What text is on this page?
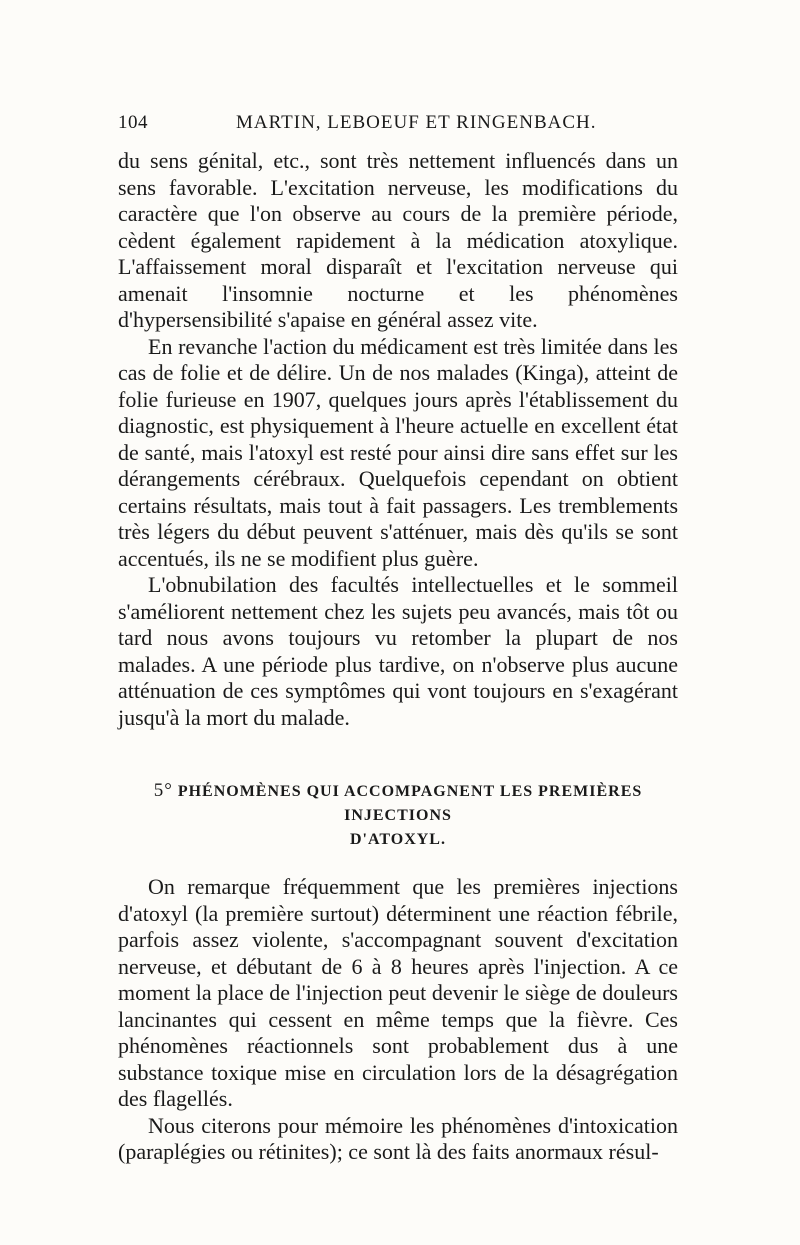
104	MARTIN, LEBOEUF ET RINGENBACH.

du sens génital, etc., sont très nettement influencés dans un sens favorable. L'excitation nerveuse, les modifications du caractère que l'on observe au cours de la première période, cèdent également rapidement à la médication atoxylique. L'affaissement moral disparaît et l'excitation nerveuse qui amenait l'insomnie nocturne et les phénomènes d'hypersensibilité s'apaise en général assez vite.

En revanche l'action du médicament est très limitée dans les cas de folie et de délire. Un de nos malades (Kinga), atteint de folie furieuse en 1907, quelques jours après l'établissement du diagnostic, est physiquement à l'heure actuelle en excellent état de santé, mais l'atoxyl est resté pour ainsi dire sans effet sur les dérangements cérébraux. Quelquefois cependant on obtient certains résultats, mais tout à fait passagers. Les tremblements très légers du début peuvent s'atténuer, mais dès qu'ils se sont accentués, ils ne se modifient plus guère.

L'obnubilation des facultés intellectuelles et le sommeil s'améliorent nettement chez les sujets peu avancés, mais tôt ou tard nous avons toujours vu retomber la plupart de nos malades. A une période plus tardive, on n'observe plus aucune atténuation de ces symptômes qui vont toujours en s'exagérant jusqu'à la mort du malade.

5° PHÉNOMÈNES QUI ACCOMPAGNENT LES PREMIÈRES INJECTIONS
D'ATOXYL.

On remarque fréquemment que les premières injections d'atoxyl (la première surtout) déterminent une réaction fébrile, parfois assez violente, s'accompagnant souvent d'excitation nerveuse, et débutant de 6 à 8 heures après l'injection. A ce moment la place de l'injection peut devenir le siège de douleurs lancinantes qui cessent en même temps que la fièvre. Ces phénomènes réactionnels sont probablement dus à une substance toxique mise en circulation lors de la désagrégation des flagellés.

Nous citerons pour mémoire les phénomènes d'intoxication (paraplégies ou rétinites); ce sont là des faits anormaux résul-
